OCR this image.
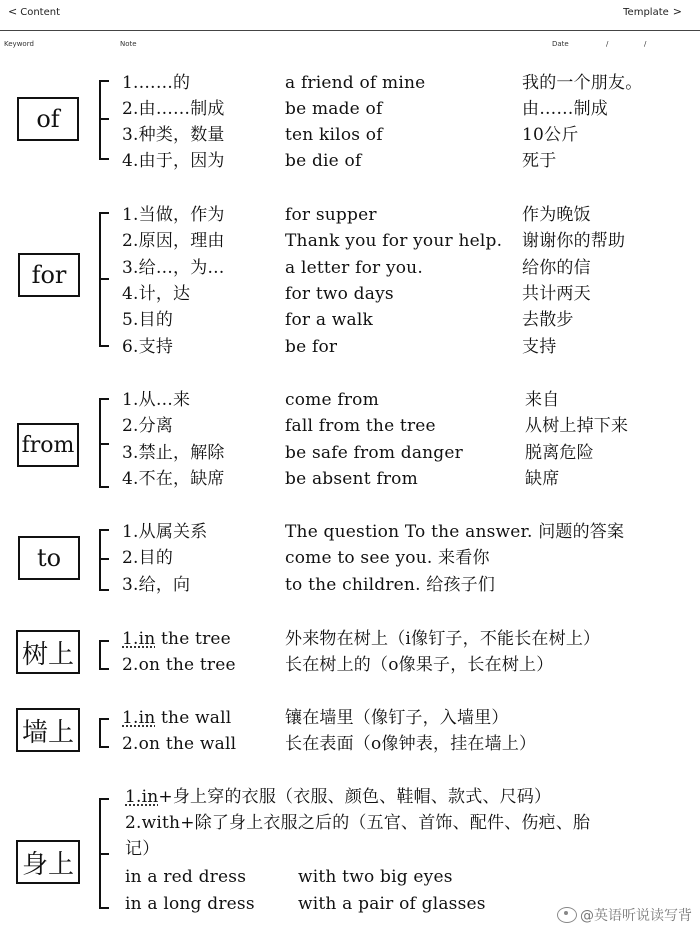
< Content	Template >
Keyword	Note	Date	/	/
of
1.……的	a friend of mine	我的一个朋友。
2.由……制成	be made of	由……制成
3.种类，数量	ten kilos of	10公斤
4.由于，因为	be die of	死于
for
1.当做，作为	for supper	作为晚饭
2.原因，理由	Thank you for your help. 谢谢你的帮助
3.给…，为…	a letter for you.	给你的信
4.计，达	for two days	共计两天
5.目的	for a walk	去散步
6.支持	be for	支持
from
1.从…来	come from	来自
2.分离	fall from the tree	从树上掉下来
3.禁止，解除	be safe from danger	脱离危险
4.不在，缺席	be absent from	缺席
to
1.从属关系	The question To the answer. 问题的答案
2.目的	come to see you. 来看你
3.给，向	to the children. 给孩子们
树上
1.in the tree	外来物在树上（i像钉子，不能长在树上）
2.on the tree	长在树上的（o像果子，长在树上）
墙上	1.in the wall	镶在墙里（像钉子，入墙里）
2.on the wall	长在表面（o像钟表，挂在墙上）
身上
1.in+身上穿的衣服（衣服、颜色、鞋帽、款式、尺码）
2.with+除了身上衣服之后的（五官、首饰、配件、伤疤、胎
记）
in a red dress	with two big eyes
in a long dress	with a pair of glasses
@英语听说读写背
